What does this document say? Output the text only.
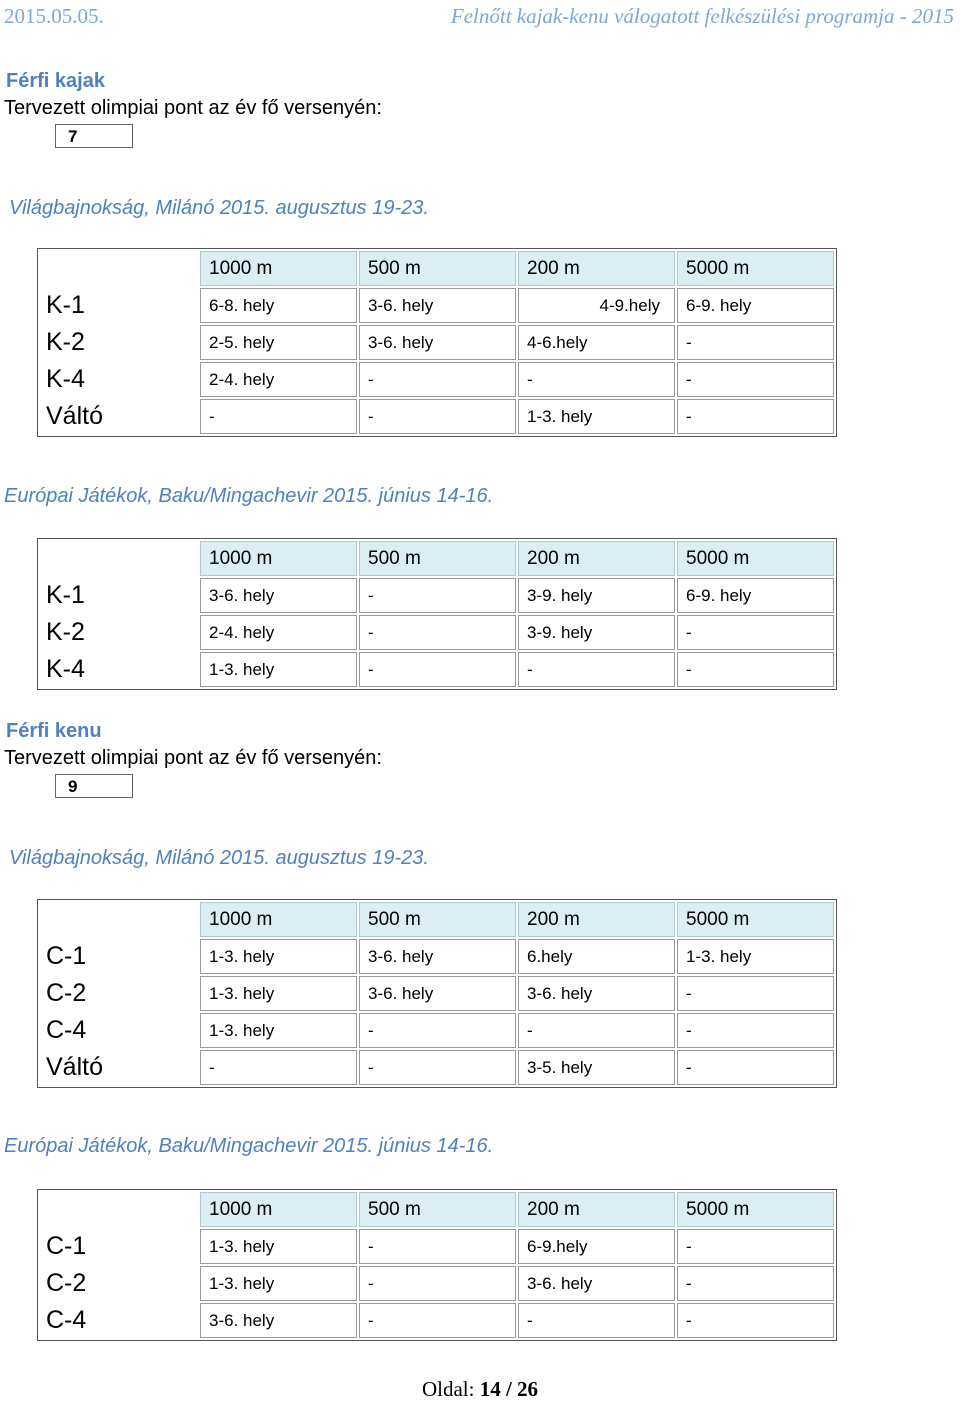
2015.05.05.	Felnőtt kajak-kenu válogatott felkészülési programja - 2015
Férfi kajak
Tervezett olimpiai pont az év fő versenyén:
7
Világbajnokság, Milánó 2015. augusztus 19-23.
	1000 m	500 m	200 m	5000 m
K-1	6-8. hely	3-6. hely	4-9.hely	6-9. hely
K-2	2-5. hely	3-6. hely	4-6.hely	-
K-4	2-4. hely	-	-	-
Váltó	-	-	1-3. hely	-
Európai Játékok, Baku/Mingachevir 2015. június 14-16.
	1000 m	500 m	200 m	5000 m
K-1	3-6. hely	-	3-9. hely	6-9. hely
K-2	2-4. hely	-	3-9. hely	-
K-4	1-3. hely	-	-	-
Férfi kenu
Tervezett olimpiai pont az év fő versenyén:
9
Világbajnokság, Milánó 2015. augusztus 19-23.
	1000 m	500 m	200 m	5000 m
C-1	1-3. hely	3-6. hely	6.hely	1-3. hely
C-2	1-3. hely	3-6. hely	3-6. hely	-
C-4	1-3. hely	-	-	-
Váltó	-	-	3-5. hely	-
Európai Játékok, Baku/Mingachevir 2015. június 14-16.
	1000 m	500 m	200 m	5000 m
C-1	1-3. hely	-	6-9.hely	-
C-2	1-3. hely	-	3-6. hely	-
C-4	3-6. hely	-	-	-
Oldal: 14 / 26
